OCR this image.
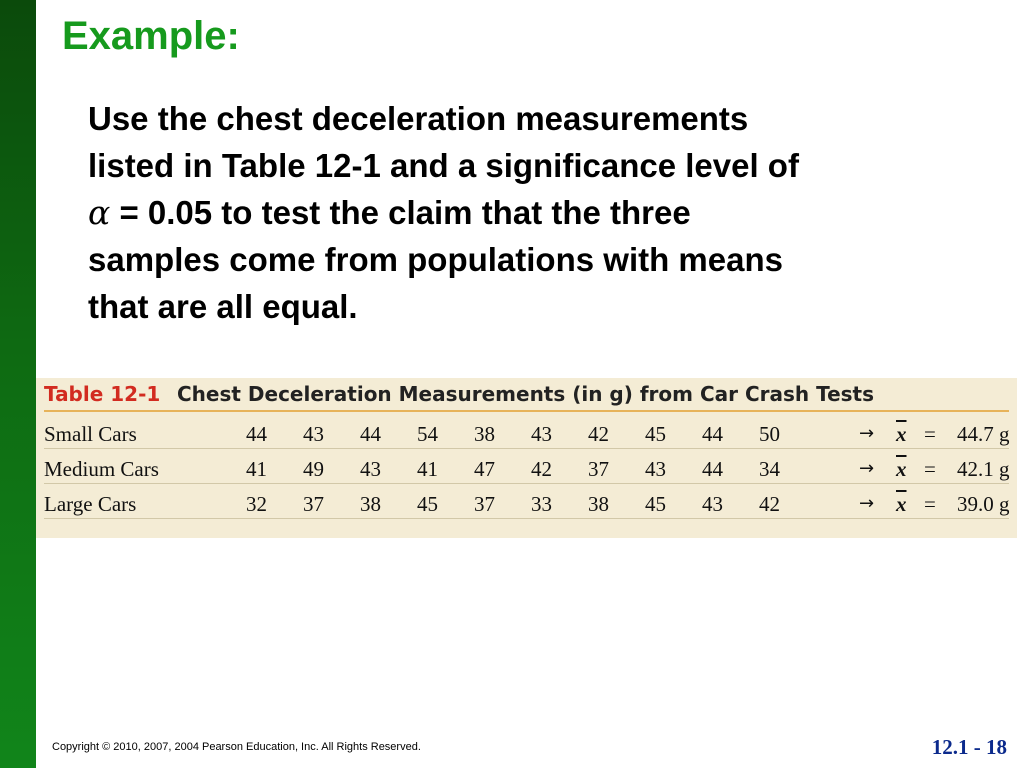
Example:
Use the chest deceleration measurements
listed in Table 12-1 and a significance level of
α = 0.05 to test the claim that the three
samples come from populations with means
that are all equal.
Table 12-1 Chest Deceleration Measurements (in g) from Car Crash Tests
Small Cars	44 43 44 54 38 43 42 45 44 50	→ $\overline{x} = 44.7$ g
Medium Cars	41 49 43 41 47 42 37 43 44 34	→ $\overline{x} = 42.1$ g
Large Cars	32 37 38 45 37 33 38 45 43 42	→ $\overline{x} = 39.0$ g
Copyright © 2010, 2007, 2004 Pearson Education, Inc. All Rights Reserved.	12.1 - 18
